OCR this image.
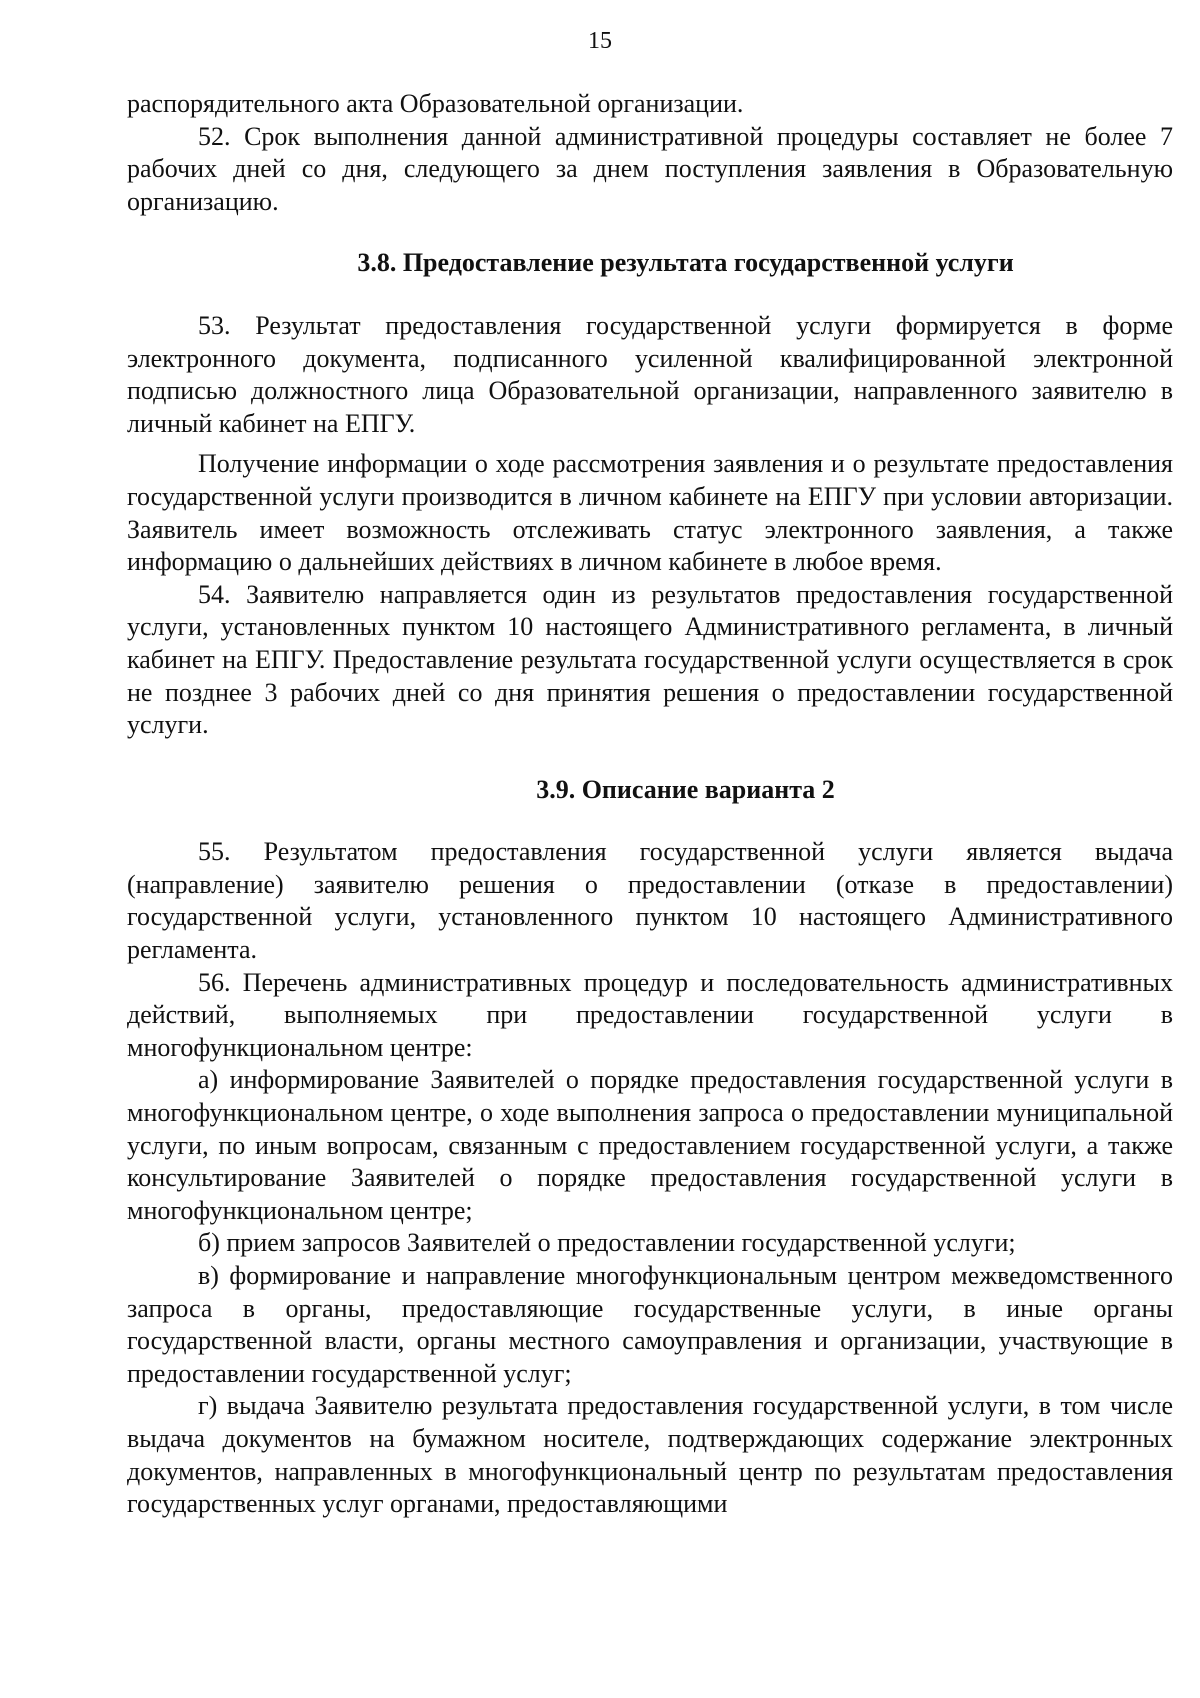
15

распорядительного акта Образовательной организации.

52. Срок выполнения данной административной процедуры составляет не более 7 рабочих дней со дня, следующего за днем поступления заявления в Образовательную организацию.

3.8. Предоставление результата государственной услуги

53. Результат предоставления государственной услуги формируется в форме электронного документа, подписанного усиленной квалифицированной электронной подписью должностного лица Образовательной организации, направленного заявителю в личный кабинет на ЕПГУ.

Получение информации о ходе рассмотрения заявления и о результате предоставления государственной услуги производится в личном кабинете на ЕПГУ при условии авторизации. Заявитель имеет возможность отслеживать статус электронного заявления, а также информацию о дальнейших действиях в личном кабинете в любое время.

54. Заявителю направляется один из результатов предоставления государственной услуги, установленных пунктом 10 настоящего Административного регламента, в личный кабинет на ЕПГУ. Предоставление результата государственной услуги осуществляется в срок не позднее 3 рабочих дней со дня принятия решения о предоставлении государственной услуги.

3.9. Описание варианта 2

55. Результатом предоставления государственной услуги является выдача (направление) заявителю решения о предоставлении (отказе в предоставлении) государственной услуги, установленного пунктом 10 настоящего Административного регламента.

56. Перечень административных процедур и последовательность административных действий, выполняемых при предоставлении государственной услуги в многофункциональном центре:

а) информирование Заявителей о порядке предоставления государственной услуги в многофункциональном центре, о ходе выполнения запроса о предоставлении муниципальной услуги, по иным вопросам, связанным с предоставлением государственной услуги, а также консультирование Заявителей о порядке предоставления государственной услуги в многофункциональном центре;

б) прием запросов Заявителей о предоставлении государственной услуги;

в) формирование и направление многофункциональным центром межведомственного запроса в органы, предоставляющие государственные услуги, в иные органы государственной власти, органы местного самоуправления и организации, участвующие в предоставлении государственной услуг;

г) выдача Заявителю результата предоставления государственной услуги, в том числе выдача документов на бумажном носителе, подтверждающих содержание электронных документов, направленных в многофункциональный центр по результатам предоставления государственных услуг органами, предоставляющими
